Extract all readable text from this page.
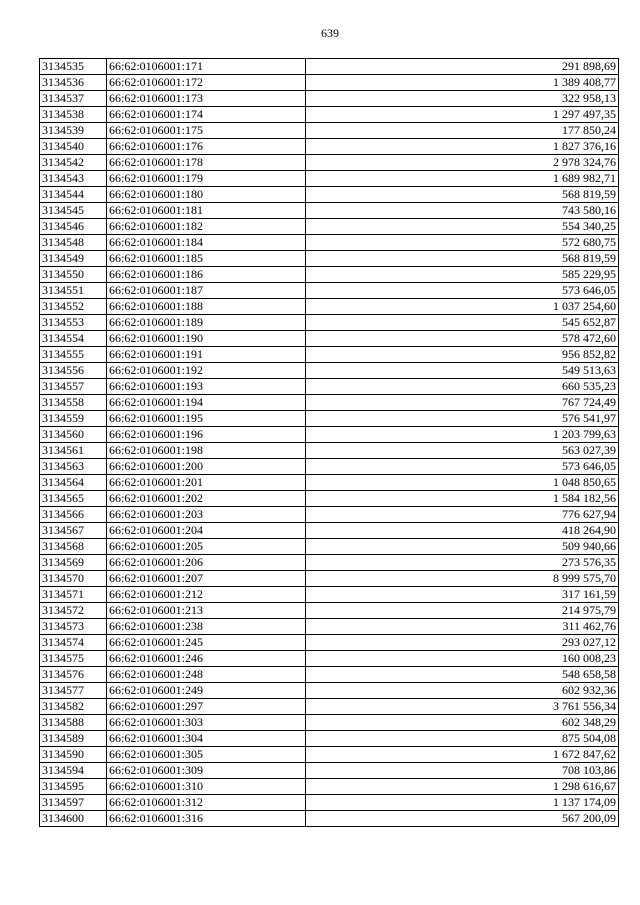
639
3134535	66:62:0106001:171	291 898,69
3134536	66:62:0106001:172	1 389 408,77
3134537	66:62:0106001:173	322 958,13
3134538	66:62:0106001:174	1 297 497,35
3134539	66:62:0106001:175	177 850,24
3134540	66:62:0106001:176	1 827 376,16
3134542	66:62:0106001:178	2 978 324,76
3134543	66:62:0106001:179	1 689 982,71
3134544	66:62:0106001:180	568 819,59
3134545	66:62:0106001:181	743 580,16
3134546	66:62:0106001:182	554 340,25
3134548	66:62:0106001:184	572 680,75
3134549	66:62:0106001:185	568 819,59
3134550	66:62:0106001:186	585 229,95
3134551	66:62:0106001:187	573 646,05
3134552	66:62:0106001:188	1 037 254,60
3134553	66:62:0106001:189	545 652,87
3134554	66:62:0106001:190	578 472,60
3134555	66:62:0106001:191	956 852,82
3134556	66:62:0106001:192	549 513,63
3134557	66:62:0106001:193	660 535,23
3134558	66:62:0106001:194	767 724,49
3134559	66:62:0106001:195	576 541,97
3134560	66:62:0106001:196	1 203 799,63
3134561	66:62:0106001:198	563 027,39
3134563	66:62:0106001:200	573 646,05
3134564	66:62:0106001:201	1 048 850,65
3134565	66:62:0106001:202	1 584 182,56
3134566	66:62:0106001:203	776 627,94
3134567	66:62:0106001:204	418 264,90
3134568	66:62:0106001:205	509 940,66
3134569	66:62:0106001:206	273 576,35
3134570	66:62:0106001:207	8 999 575,70
3134571	66:62:0106001:212	317 161,59
3134572	66:62:0106001:213	214 975,79
3134573	66:62:0106001:238	311 462,76
3134574	66:62:0106001:245	293 027,12
3134575	66:62:0106001:246	160 008,23
3134576	66:62:0106001:248	548 658,58
3134577	66:62:0106001:249	602 932,36
3134582	66:62:0106001:297	3 761 556,34
3134588	66:62:0106001:303	602 348,29
3134589	66:62:0106001:304	875 504,08
3134590	66:62:0106001:305	1 672 847,62
3134594	66:62:0106001:309	708 103,86
3134595	66:62:0106001:310	1 298 616,67
3134597	66:62:0106001:312	1 137 174,09
3134600	66:62:0106001:316	567 200,09
